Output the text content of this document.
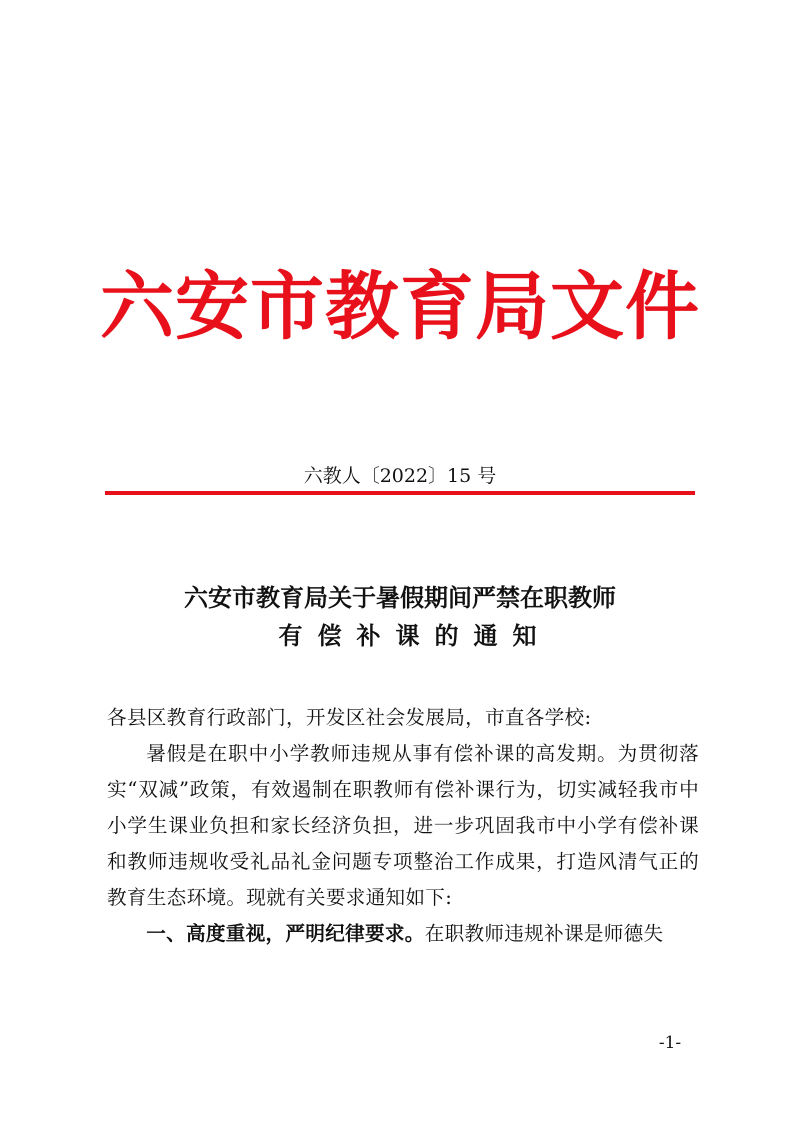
六安市教育局文件
六教人〔2022〕15 号
六安市教育局关于暑假期间严禁在职教师
有偿补课的通知

各县区教育行政部门，开发区社会发展局，市直各学校:

暑假是在职中小学教师违规从事有偿补课的高发期。为贯彻落实“双减”政策，有效遏制在职教师有偿补课行为，切实减轻我市中小学生课业负担和家长经济负担，进一步巩固我市中小学有偿补课和教师违规收受礼品礼金问题专项整治工作成果，打造风清气正的教育生态环境。现就有关要求通知如下:

一、高度重视，严明纪律要求。在职教师违规补课是师德失

-1-
